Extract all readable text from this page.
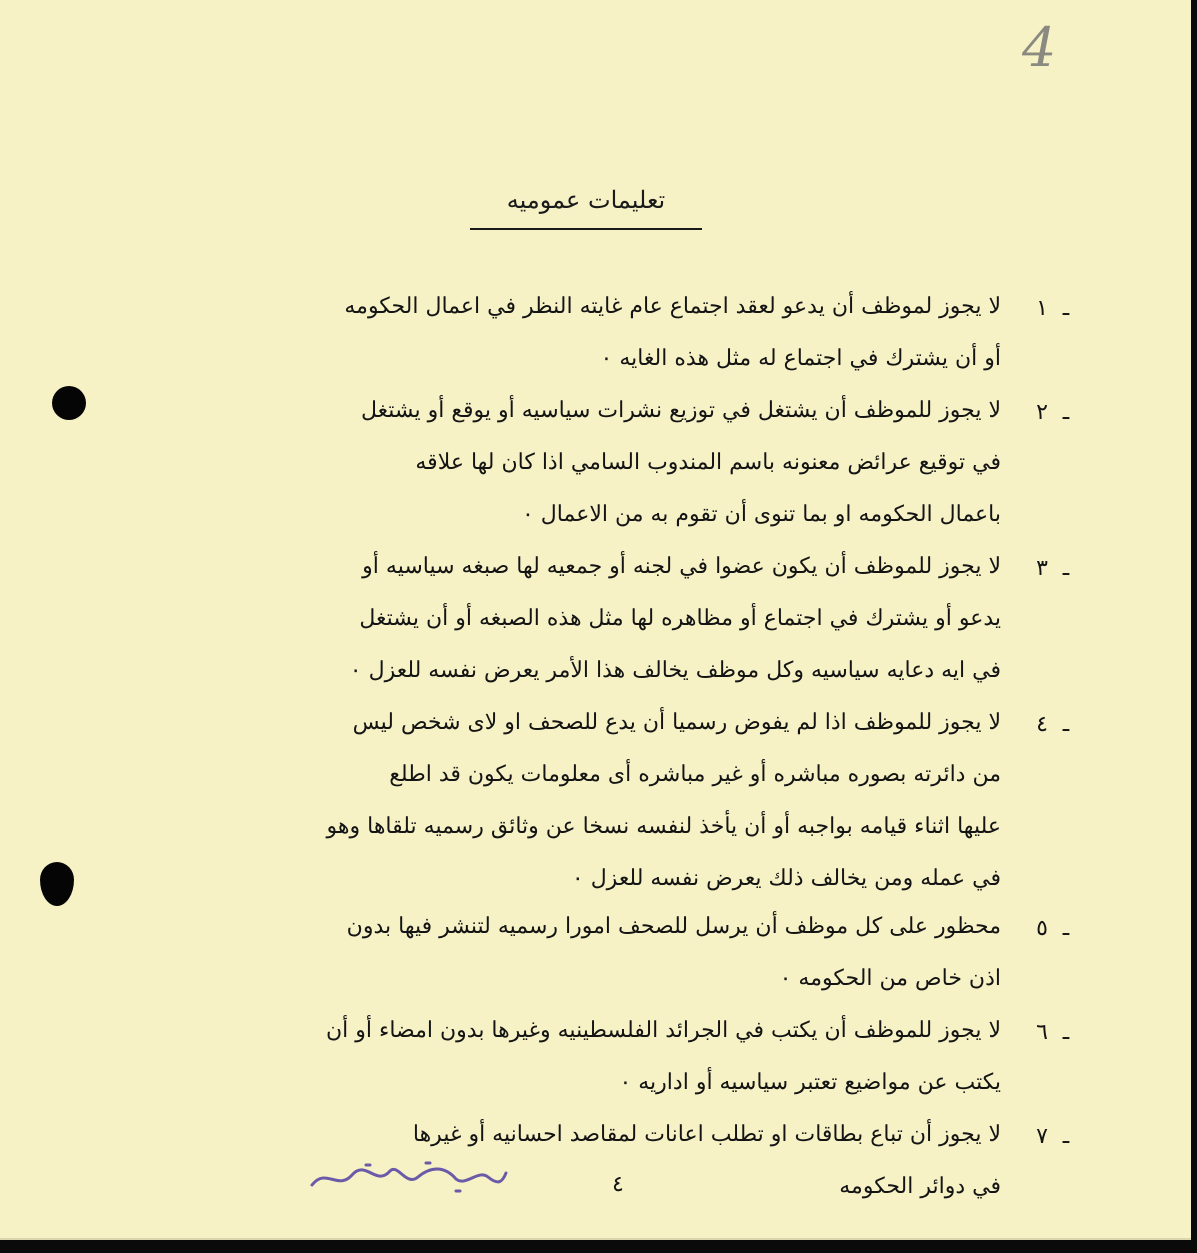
4
تعليمات عموميه
ـ١
لا يجوز لموظف أن يدعو لعقد اجتماع عام غايته النظر في اعمال الحكومه
أو أن يشترك في اجتماع له مثل هذه الغايه ٠
ـ٢
لا يجوز للموظف أن يشتغل في توزيع نشرات سياسيه أو يوقع أو يشتغل
في توقيع عرائض معنونه باسم المندوب السامي اذا كان لها علاقه
باعمال الحكومه او بما تنوى أن تقوم به من الاعمال ٠
ـ٣
لا يجوز للموظف أن يكون عضوا في لجنه أو جمعيه لها صبغه سياسيه أو
يدعو أو يشترك في اجتماع أو مظاهره لها مثل هذه الصبغه أو أن يشتغل
في ايه دعايه سياسيه وكل موظف يخالف هذا الأمر يعرض نفسه للعزل ٠
ـ٤
لا يجوز للموظف اذا لم يفوض رسميا أن يدع للصحف او لاى شخص ليس
من دائرته بصوره مباشره أو غير مباشره أى معلومات يكون قد اطلع
عليها اثناء قيامه بواجبه أو أن يأخذ لنفسه نسخا عن وثائق رسميه تلقاها وهو
في عمله ومن يخالف ذلك يعرض نفسه للعزل ٠
ـ٥
محظور على كل موظف أن يرسل للصحف امورا رسميه لتنشر فيها بدون
اذن خاص من الحكومه ٠
ـ٦
لا يجوز للموظف أن يكتب في الجرائد الفلسطينيه وغيرها بدون امضاء أو أن
يكتب عن مواضيع تعتبر سياسيه أو اداريه ٠
ـ٧
لا يجوز أن تباع بطاقات او تطلب اعانات لمقاصد احسانيه أو غيرها
في دوائر الحكومه
٤
